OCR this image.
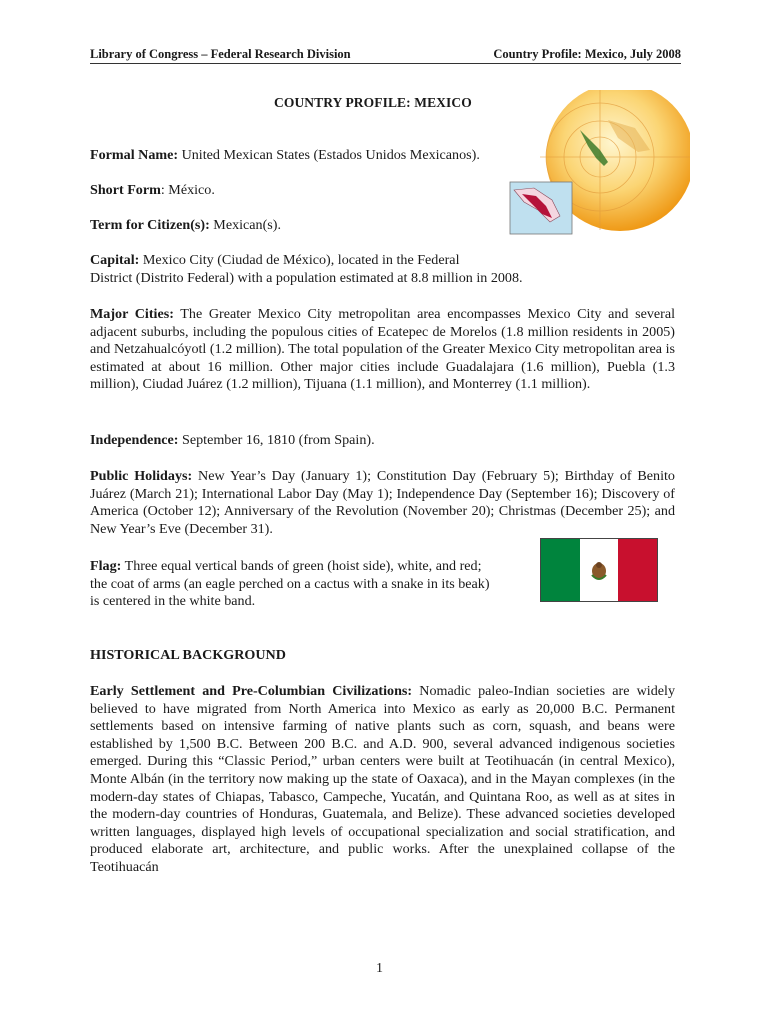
Library of Congress – Federal Research Division	Country Profile: Mexico, July 2008
COUNTRY PROFILE: MEXICO
Formal Name: United Mexican States (Estados Unidos Mexicanos).
Short Form: México.
Term for Citizen(s): Mexican(s).
Capital: Mexico City (Ciudad de México), located in the Federal
District (Distrito Federal) with a population estimated at 8.8 million in 2008.
Major Cities: The Greater Mexico City metropolitan area encompasses Mexico City and several adjacent suburbs, including the populous cities of Ecatepec de Morelos (1.8 million residents in 2005) and Netzahualcóyotl (1.2 million). The total population of the Greater Mexico City metropolitan area is estimated at about 16 million. Other major cities include Guadalajara (1.6 million), Puebla (1.3 million), Ciudad Juárez (1.2 million), Tijuana (1.1 million), and Monterrey (1.1 million).
Independence: September 16, 1810 (from Spain).
Public Holidays: New Year’s Day (January 1); Constitution Day (February 5); Birthday of Benito Juárez (March 21); International Labor Day (May 1); Independence Day (September 16); Discovery of America (October 12); Anniversary of the Revolution (November 20); Christmas (December 25); and New Year’s Eve (December 31).
Flag: Three equal vertical bands of green (hoist side), white, and red; the coat of arms (an eagle perched on a cactus with a snake in its beak) is centered in the white band.
HISTORICAL BACKGROUND
Early Settlement and Pre-Columbian Civilizations: Nomadic paleo-Indian societies are widely believed to have migrated from North America into Mexico as early as 20,000 B.C. Permanent settlements based on intensive farming of native plants such as corn, squash, and beans were established by 1,500 B.C. Between 200 B.C. and A.D. 900, several advanced indigenous societies emerged. During this “Classic Period,” urban centers were built at Teotihuacán (in central Mexico), Monte Albán (in the territory now making up the state of Oaxaca), and in the Mayan complexes (in the modern-day states of Chiapas, Tabasco, Campeche, Yucatán, and Quintana Roo, as well as at sites in the modern-day countries of Honduras, Guatemala, and Belize). These advanced societies developed written languages, displayed high levels of occupational specialization and social stratification, and produced elaborate art, architecture, and public works. After the unexplained collapse of the Teotihuacán
1
